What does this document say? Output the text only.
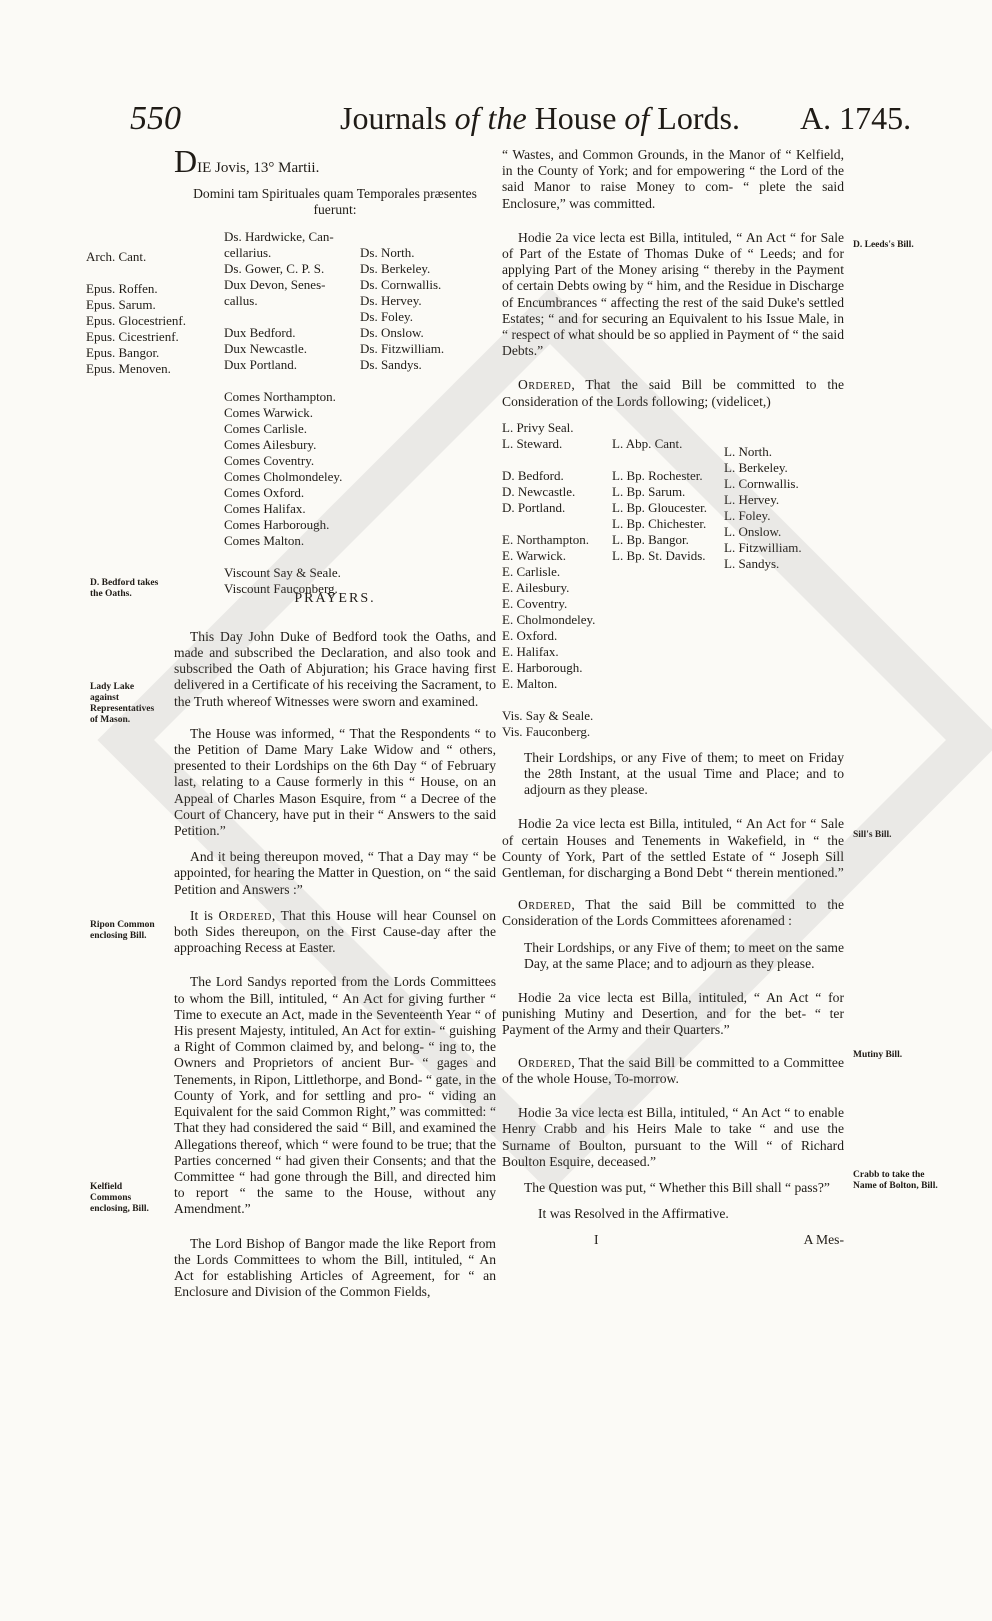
550	Journals of the House of Lords. A. 1745.

DIE Jovis, 13° Martii.

Domini tam Spirituales quam Temporales præsentes fuerunt:

Arch. Cant.

Epus. Roffen.
Epus. Sarum.
Epus. Glocestrienf.
Epus. Cicestrienf.
Epus. Bangor.
Epus. Menoven.
Ds. Hardwicke, Can-
cellarius.
Ds. Gower, C. P. S.
Dux Devon, Senes-
callus.

Dux Bedford.
Dux Newcastle.
Dux Portland.

Comes Northampton.
Comes Warwick.
Comes Carlisle.
Comes Ailesbury.
Comes Coventry.
Comes Cholmondeley.
Comes Oxford.
Comes Halifax.
Comes Harborough.
Comes Malton.

Viscount Say & Seale.
Viscount Fauconberg.

Ds. North.
Ds. Berkeley.
Ds. Cornwallis.
Ds. Hervey.
Ds. Foley.
Ds. Onslow.
Ds. Fitzwilliam.
Ds. Sandys.

PRAYERS.

This Day John Duke of Bedford took the Oaths, and made and subscribed the Declaration, and also took and subscribed the Oath of Abjuration; his Grace having first delivered in a Certificate of his receiving the Sacrament, to the Truth whereof Witnesses were sworn and examined.

The House was informed, “ That the Respondents “ to the Petition of Dame Mary Lake Widow and “ others, presented to their Lordships on the 6th Day “ of February last, relating to a Cause formerly in this “ House, on an Appeal of Charles Mason Esquire, from “ a Decree of the Court of Chancery, have put in their “ Answers to the said Petition.”

And it being thereupon moved, “ That a Day may “ be appointed, for hearing the Matter in Question, on “ the said Petition and Answers :”

It is Ordered, That this House will hear Counsel on both Sides thereupon, on the First Cause-day after the approaching Recess at Easter.

The Lord Sandys reported from the Lords Committees to whom the Bill, intituled, “ An Act for giving further “ Time to execute an Act, made in the Seventeenth Year “ of His present Majesty, intituled, An Act for extin- “ guishing a Right of Common claimed by, and belong- “ ing to, the Owners and Proprietors of ancient Bur- “ gages and Tenements, in Ripon, Littlethorpe, and Bond- “ gate, in the County of York, and for settling and pro- “ viding an Equivalent for the said Common Right,” was committed: “ That they had considered the said “ Bill, and examined the Allegations thereof, which “ were found to be true; that the Parties concerned “ had given their Consents; and that the Committee “ had gone through the Bill, and directed him to report “ the same to the House, without any Amendment.”

The Lord Bishop of Bangor made the like Report from the Lords Committees to whom the Bill, intituled, “ An Act for establishing Articles of Agreement, for “ an Enclosure and Division of the Common Fields,

D. Bedford takes the Oaths.
Lady Lake against Representatives of Mason.
Ripon Common enclosing Bill.
Kelfield Commons enclosing, Bill.

“ Wastes, and Common Grounds, in the Manor of “ Kelfield, in the County of York; and for empowering “ the Lord of the said Manor to raise Money to com- “ plete the said Enclosure,” was committed.

Hodie 2a vice lecta est Billa, intituled, “ An Act “ for Sale of Part of the Estate of Thomas Duke of “ Leeds; and for applying Part of the Money arising “ thereby in the Payment of certain Debts owing by “ him, and the Residue in Discharge of Encumbrances “ affecting the rest of the said Duke's settled Estates; “ and for securing an Equivalent to his Issue Male, in “ respect of what should be so applied in Payment of “ the said Debts.”

Ordered, That the said Bill be committed to the Consideration of the Lords following; (videlicet,)

L. Privy Seal.
L. Steward.

D. Bedford.
D. Newcastle.
D. Portland.

E. Northampton.
E. Warwick.
E. Carlisle.
E. Ailesbury.
E. Coventry.
E. Cholmondeley.
E. Oxford.
E. Halifax.
E. Harborough.
E. Malton.

Vis. Say & Seale.
Vis. Fauconberg.
L. Abp. Cant.

L. Bp. Rochester.
L. Bp. Sarum.
L. Bp. Gloucester.
L. Bp. Chichester.
L. Bp. Bangor.
L. Bp. St. Davids.
L. North.
L. Berkeley.
L. Cornwallis.
L. Hervey.
L. Foley.
L. Onslow.
L. Fitzwilliam.
L. Sandys.

Their Lordships, or any Five of them; to meet on Friday the 28th Instant, at the usual Time and Place; and to adjourn as they please.

Hodie 2a vice lecta est Billa, intituled, “ An Act for “ Sale of certain Houses and Tenements in Wakefield, in “ the County of York, Part of the settled Estate of “ Joseph Sill Gentleman, for discharging a Bond Debt “ therein mentioned.”

Ordered, That the said Bill be committed to the Consideration of the Lords Committees aforenamed :

Their Lordships, or any Five of them; to meet on the same Day, at the same Place; and to adjourn as they please.

Hodie 2a vice lecta est Billa, intituled, “ An Act “ for punishing Mutiny and Desertion, and for the bet- “ ter Payment of the Army and their Quarters.”

Ordered, That the said Bill be committed to a Committee of the whole House, To-morrow.

Hodie 3a vice lecta est Billa, intituled, “ An Act “ to enable Henry Crabb and his Heirs Male to take “ and use the Surname of Boulton, pursuant to the Will “ of Richard Boulton Esquire, deceased.”

The Question was put, “ Whether this Bill shall “ pass?”

It was Resolved in the Affirmative.

I	A Mes-

D. Leeds's Bill.
Sill's Bill.
Mutiny Bill.
Crabb to take the Name of Bolton, Bill.
